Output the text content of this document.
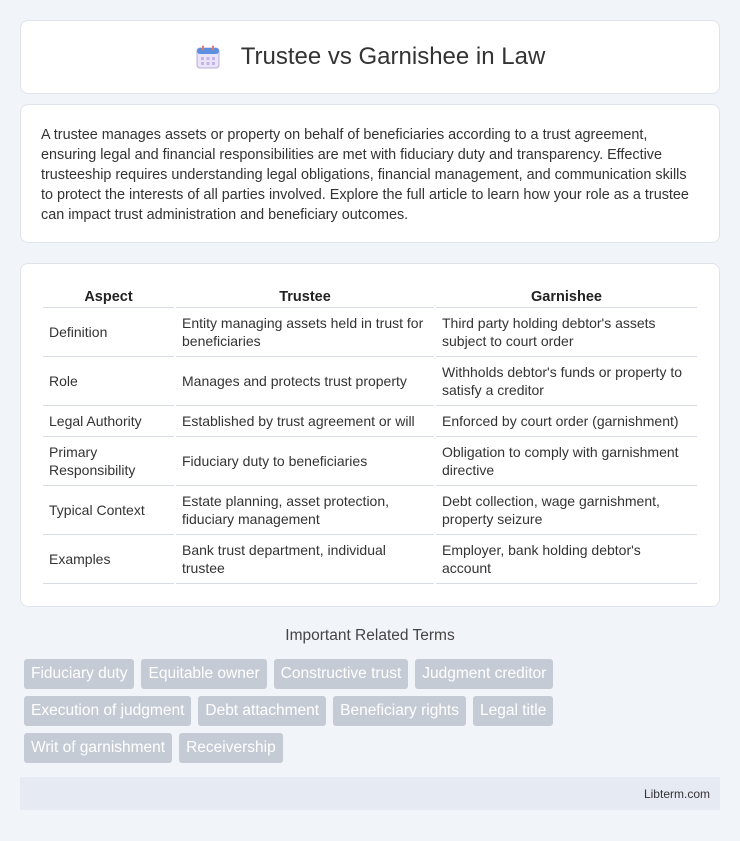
Trustee vs Garnishee in Law

A trustee manages assets or property on behalf of beneficiaries according to a trust agreement, ensuring legal and financial responsibilities are met with fiduciary duty and transparency. Effective trusteeship requires understanding legal obligations, financial management, and communication skills to protect the interests of all parties involved. Explore the full article to learn how your role as a trustee can impact trust administration and beneficiary outcomes.

Aspect	Trustee	Garnishee
Definition	Entity managing assets held in trust for beneficiaries	Third party holding debtor's assets subject to court order
Role	Manages and protects trust property	Withholds debtor's funds or property to satisfy a creditor
Legal Authority	Established by trust agreement or will	Enforced by court order (garnishment)
Primary Responsibility	Fiduciary duty to beneficiaries	Obligation to comply with garnishment directive
Typical Context	Estate planning, asset protection, fiduciary management	Debt collection, wage garnishment, property seizure
Examples	Bank trust department, individual trustee	Employer, bank holding debtor's account
Important Related Terms
Fiduciary duty	Equitable owner	Constructive trust	Judgment creditor
Execution of judgment	Debt attachment	Beneficiary rights	Legal title
Writ of garnishment	Receivership
Libterm.com
